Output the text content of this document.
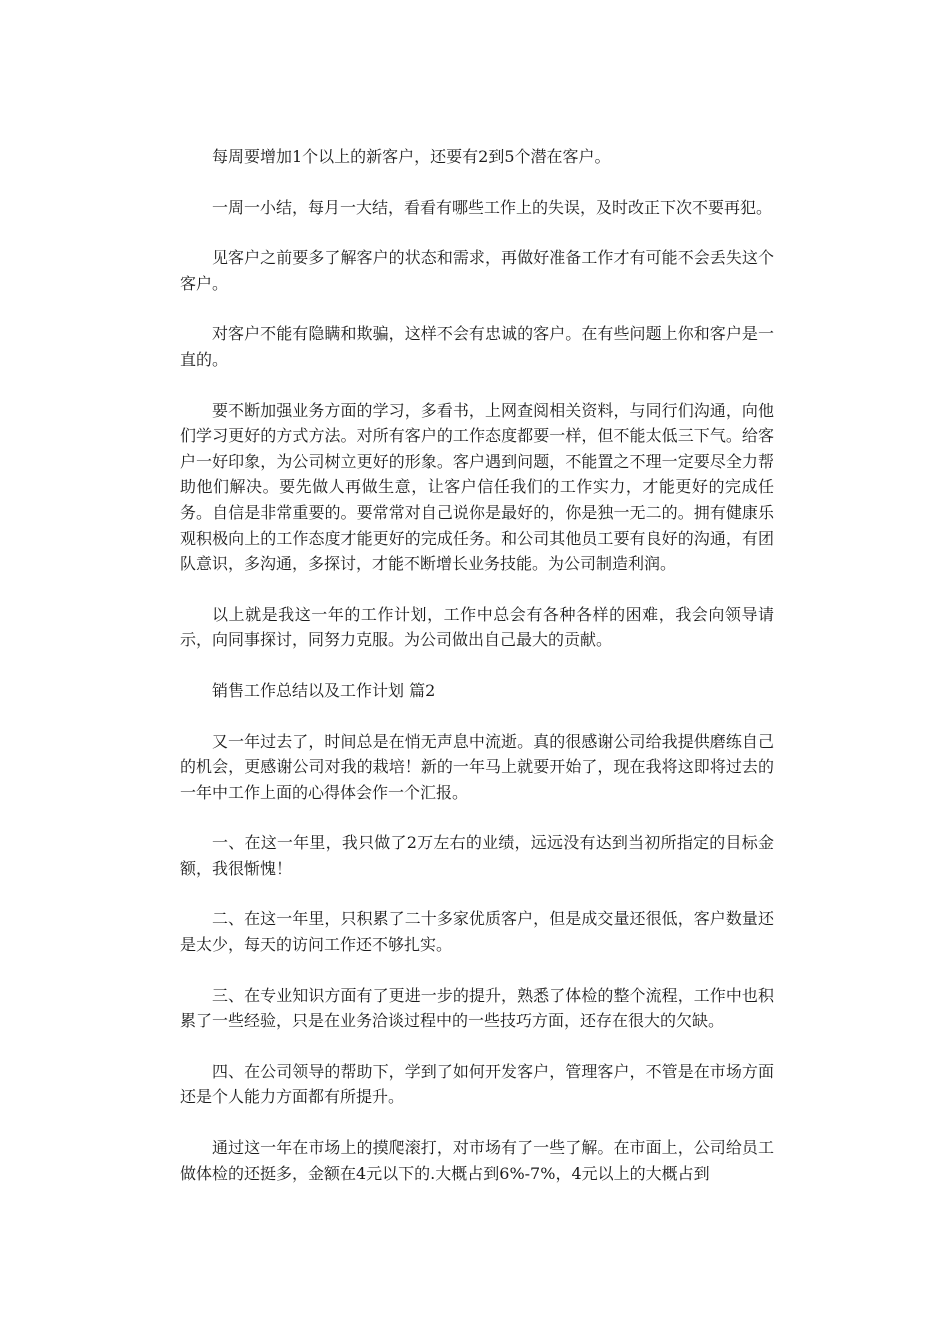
每周要增加1个以上的新客户，还要有2到5个潜在客户。

一周一小结，每月一大结，看看有哪些工作上的失误，及时改正下次不要再犯。

见客户之前要多了解客户的状态和需求，再做好准备工作才有可能不会丢失这个客户。

对客户不能有隐瞒和欺骗，这样不会有忠诚的客户。在有些问题上你和客户是一直的。

要不断加强业务方面的学习，多看书，上网查阅相关资料，与同行们沟通，向他们学习更好的方式方法。对所有客户的工作态度都要一样，但不能太低三下气。给客户一好印象，为公司树立更好的形象。客户遇到问题，不能置之不理一定要尽全力帮助他们解决。要先做人再做生意，让客户信任我们的工作实力，才能更好的完成任务。自信是非常重要的。要常常对自己说你是最好的，你是独一无二的。拥有健康乐观积极向上的工作态度才能更好的完成任务。和公司其他员工要有良好的沟通，有团队意识，多沟通，多探讨，才能不断增长业务技能。为公司制造利润。

以上就是我这一年的工作计划，工作中总会有各种各样的困难，我会向领导请示，向同事探讨，同努力克服。为公司做出自己最大的贡献。

销售工作总结以及工作计划 篇2

又一年过去了，时间总是在悄无声息中流逝。真的很感谢公司给我提供磨练自己的机会，更感谢公司对我的栽培！新的一年马上就要开始了，现在我将这即将过去的一年中工作上面的心得体会作一个汇报。

一、在这一年里，我只做了2万左右的业绩，远远没有达到当初所指定的目标金额，我很惭愧！

二、在这一年里，只积累了二十多家优质客户，但是成交量还很低，客户数量还是太少，每天的访问工作还不够扎实。

三、在专业知识方面有了更进一步的提升，熟悉了体检的整个流程，工作中也积累了一些经验，只是在业务洽谈过程中的一些技巧方面，还存在很大的欠缺。

四、在公司领导的帮助下，学到了如何开发客户，管理客户，不管是在市场方面还是个人能力方面都有所提升。

通过这一年在市场上的摸爬滚打，对市场有了一些了解。在市面上，公司给员工做体检的还挺多，金额在4元以下的.大概占到6%-7%，4元以上的大概占到
